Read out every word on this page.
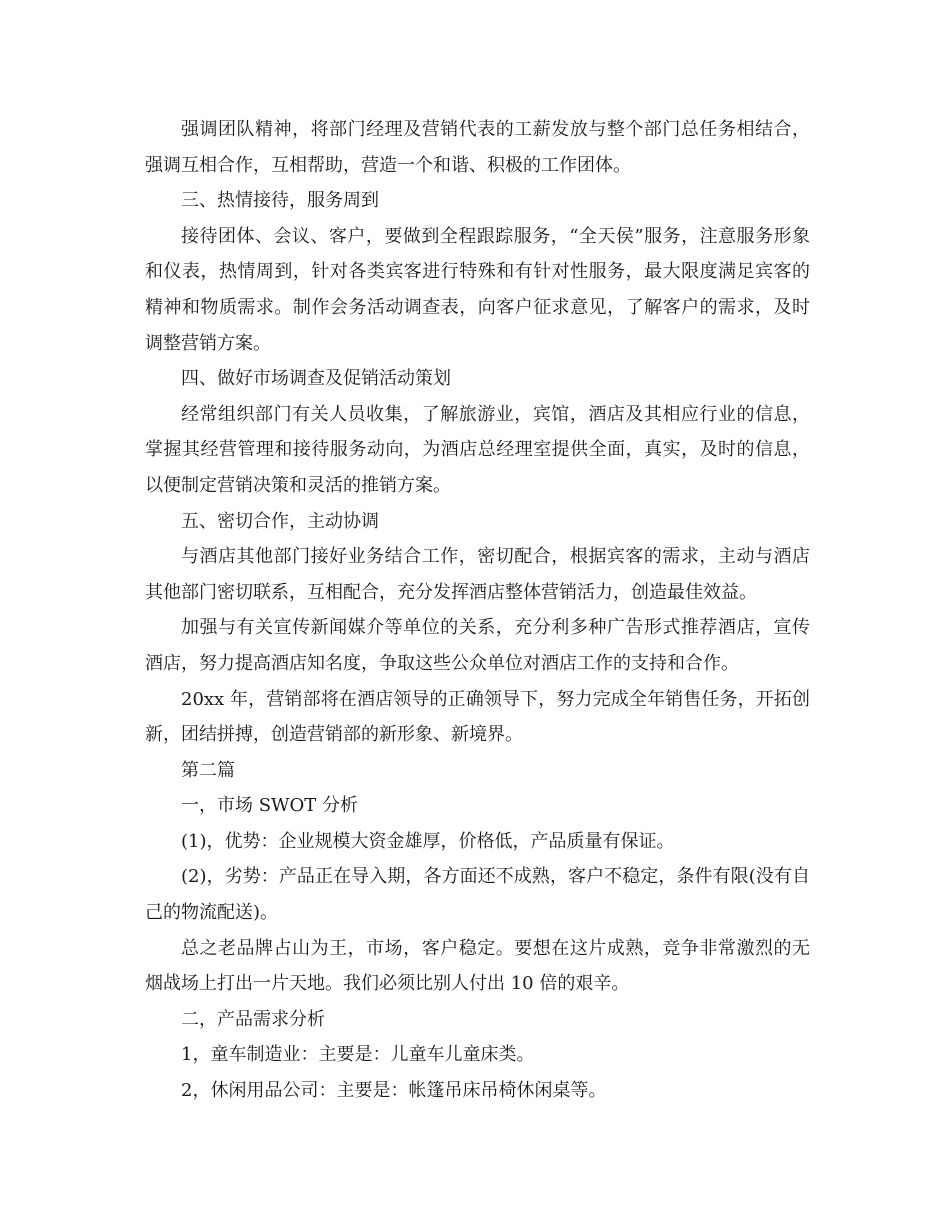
强调团队精神，将部门经理及营销代表的工薪发放与整个部门总任务相结合，强调互相合作，互相帮助，营造一个和谐、积极的工作团体。

三、热情接待，服务周到

接待团体、会议、客户，要做到全程跟踪服务，“全天侯”服务，注意服务形象和仪表，热情周到，针对各类宾客进行特殊和有针对性服务，最大限度满足宾客的精神和物质需求。制作会务活动调查表，向客户征求意见，了解客户的需求，及时调整营销方案。

四、做好市场调查及促销活动策划

经常组织部门有关人员收集，了解旅游业，宾馆，酒店及其相应行业的信息，掌握其经营管理和接待服务动向，为酒店总经理室提供全面，真实，及时的信息，以便制定营销决策和灵活的推销方案。

五、密切合作，主动协调

与酒店其他部门接好业务结合工作，密切配合，根据宾客的需求，主动与酒店其他部门密切联系，互相配合，充分发挥酒店整体营销活力，创造最佳效益。

加强与有关宣传新闻媒介等单位的关系，充分利多种广告形式推荐酒店，宣传酒店，努力提高酒店知名度，争取这些公众单位对酒店工作的支持和合作。

20xx 年，营销部将在酒店领导的正确领导下，努力完成全年销售任务，开拓创新，团结拼搏，创造营销部的新形象、新境界。

第二篇

一，市场 SWOT 分析

(1)，优势：企业规模大资金雄厚，价格低，产品质量有保证。

(2)，劣势：产品正在导入期，各方面还不成熟，客户不稳定，条件有限(没有自己的物流配送)。

总之老品牌占山为王，市场，客户稳定。要想在这片成熟，竞争非常激烈的无烟战场上打出一片天地。我们必须比别人付出 10 倍的艰辛。

二，产品需求分析

1，童车制造业：主要是：儿童车儿童床类。

2，休闲用品公司：主要是：帐篷吊床吊椅休闲桌等。
